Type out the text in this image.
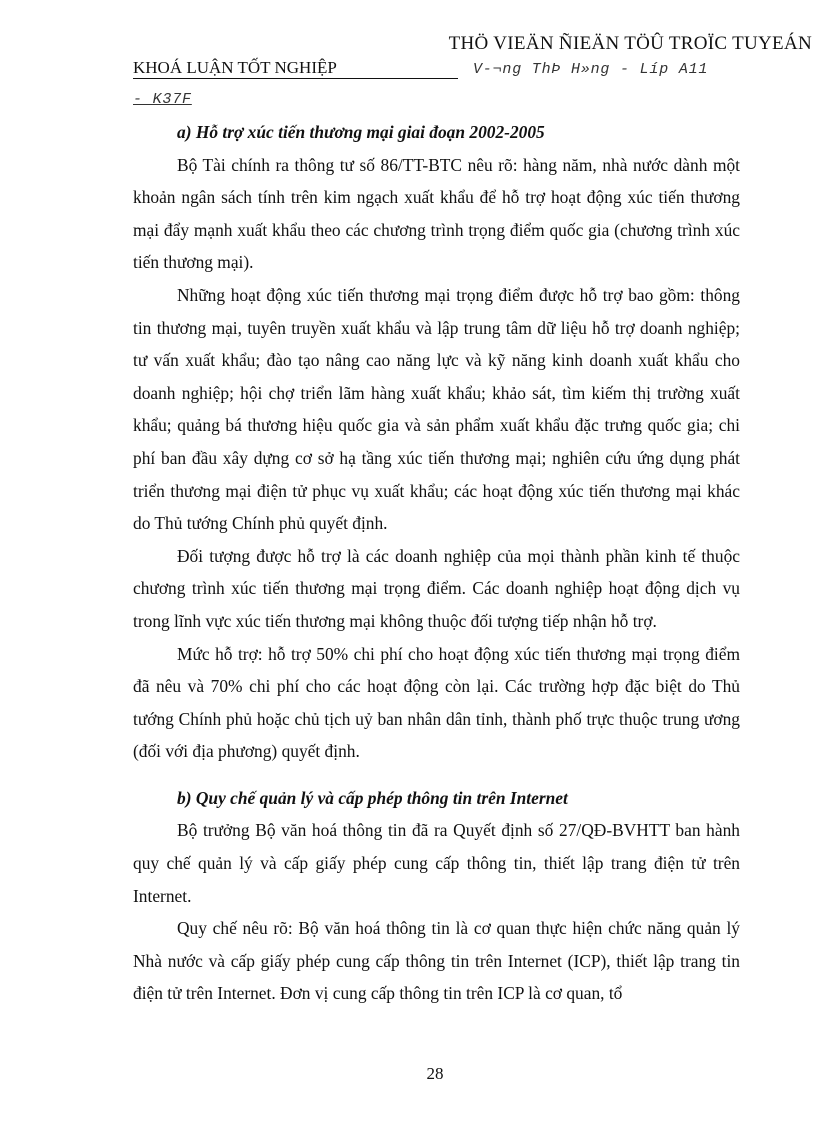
THÖ VIEÄN ÑIEÄN TÖÛ TROÏC TUYEÁN
KHOÁ LUẬN TỐT NGHIỆP	V-¬ng ThÞ H»ng - Líp A11
- K37F

a) Hỗ trợ xúc tiến thương mại giai đoạn 2002-2005

Bộ Tài chính ra thông tư số 86/TT-BTC nêu rõ: hàng năm, nhà nước dành một khoản ngân sách tính trên kim ngạch xuất khẩu để hỗ trợ hoạt động xúc tiến thương mại đẩy mạnh xuất khẩu theo các chương trình trọng điểm quốc gia (chương trình xúc tiến thương mại).

Những hoạt động xúc tiến thương mại trọng điểm được hỗ trợ bao gồm: thông tin thương mại, tuyên truyền xuất khẩu và lập trung tâm dữ liệu hỗ trợ doanh nghiệp; tư vấn xuất khẩu; đào tạo nâng cao năng lực và kỹ năng kinh doanh xuất khẩu cho doanh nghiệp; hội chợ triển lãm hàng xuất khẩu; khảo sát, tìm kiếm thị trường xuất khẩu; quảng bá thương hiệu quốc gia và sản phẩm xuất khẩu đặc trưng quốc gia; chi phí ban đầu xây dựng cơ sở hạ tầng xúc tiến thương mại; nghiên cứu ứng dụng phát triển thương mại điện tử phục vụ xuất khẩu; các hoạt động xúc tiến thương mại khác do Thủ tướng Chính phủ quyết định.

Đối tượng được hỗ trợ là các doanh nghiệp của mọi thành phần kinh tế thuộc chương trình xúc tiến thương mại trọng điểm. Các doanh nghiệp hoạt động dịch vụ trong lĩnh vực xúc tiến thương mại không thuộc đối tượng tiếp nhận hỗ trợ.

Mức hỗ trợ: hỗ trợ 50% chi phí cho hoạt động xúc tiến thương mại trọng điểm đã nêu và 70% chi phí cho các hoạt động còn lại. Các trường hợp đặc biệt do Thủ tướng Chính phủ hoặc chủ tịch uỷ ban nhân dân tỉnh, thành phố trực thuộc trung ương (đối với địa phương) quyết định.

b) Quy chế quản lý và cấp phép thông tin trên Internet

Bộ trưởng Bộ văn hoá thông tin đã ra Quyết định số 27/QĐ-BVHTT ban hành quy chế quản lý và cấp giấy phép cung cấp thông tin, thiết lập trang điện tử trên Internet.

Quy chế nêu rõ: Bộ văn hoá thông tin là cơ quan thực hiện chức năng quản lý Nhà nước và cấp giấy phép cung cấp thông tin trên Internet (ICP), thiết lập trang tin điện tử trên Internet. Đơn vị cung cấp thông tin trên ICP là cơ quan, tổ

28
